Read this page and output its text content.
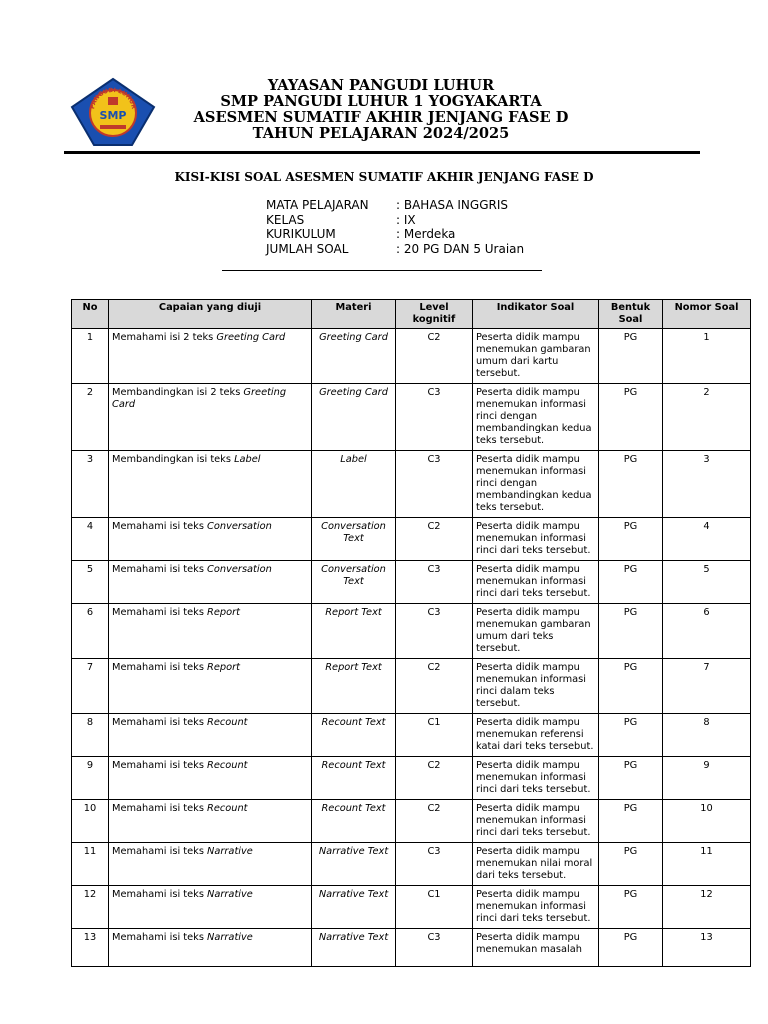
PANGUDI LUHUR
SMP
YAYASAN PANGUDI LUHUR
SMP PANGUDI LUHUR 1 YOGYAKARTA
ASESMEN SUMATIF AKHIR JENJANG FASE D
TAHUN PELAJARAN 2024/2025
KISI-KISI SOAL ASESMEN SUMATIF AKHIR JENJANG FASE D
MATA PELAJARAN	: BAHASA INGGRIS
KELAS	: IX
KURIKULUM	: Merdeka
JUMLAH SOAL	: 20 PG DAN 5 Uraian
No	Capaian yang diuji	Materi	Level kognitif	Indikator Soal	Bentuk Soal	Nomor Soal
1	Memahami isi 2 teks Greeting Card	Greeting Card	C2	Peserta didik mampu menemukan gambaran umum dari kartu tersebut.	PG	1
2	Membandingkan isi 2 teks Greeting Card	Greeting Card	C3	Peserta didik mampu menemukan informasi rinci dengan membandingkan kedua teks tersebut.	PG	2
3	Membandingkan isi teks Label	Label	C3	Peserta didik mampu menemukan informasi rinci dengan membandingkan kedua teks tersebut.	PG	3
4	Memahami isi teks Conversation	Conversation Text	C2	Peserta didik mampu menemukan informasi rinci dari teks tersebut.	PG	4
5	Memahami isi teks Conversation	Conversation Text	C3	Peserta didik mampu menemukan informasi rinci dari teks tersebut.	PG	5
6	Memahami isi teks Report	Report Text	C3	Peserta didik mampu menemukan gambaran umum dari teks tersebut.	PG	6
7	Memahami isi teks Report	Report Text	C2	Peserta didik mampu menemukan informasi rinci dalam teks tersebut.	PG	7
8	Memahami isi teks Recount	Recount Text	C1	Peserta didik mampu menemukan referensi katai dari teks tersebut.	PG	8
9	Memahami isi teks Recount	Recount Text	C2	Peserta didik mampu menemukan informasi rinci dari teks tersebut.	PG	9
10	Memahami isi teks Recount	Recount Text	C2	Peserta didik mampu menemukan informasi rinci dari teks tersebut.	PG	10
11	Memahami isi teks Narrative	Narrative Text	C3	Peserta didik mampu menemukan nilai moral dari teks tersebut.	PG	11
12	Memahami isi teks Narrative	Narrative Text	C1	Peserta didik mampu menemukan informasi rinci dari teks tersebut.	PG	12
13	Memahami isi teks Narrative	Narrative Text	C3	Peserta didik mampu menemukan masalah	PG	13
